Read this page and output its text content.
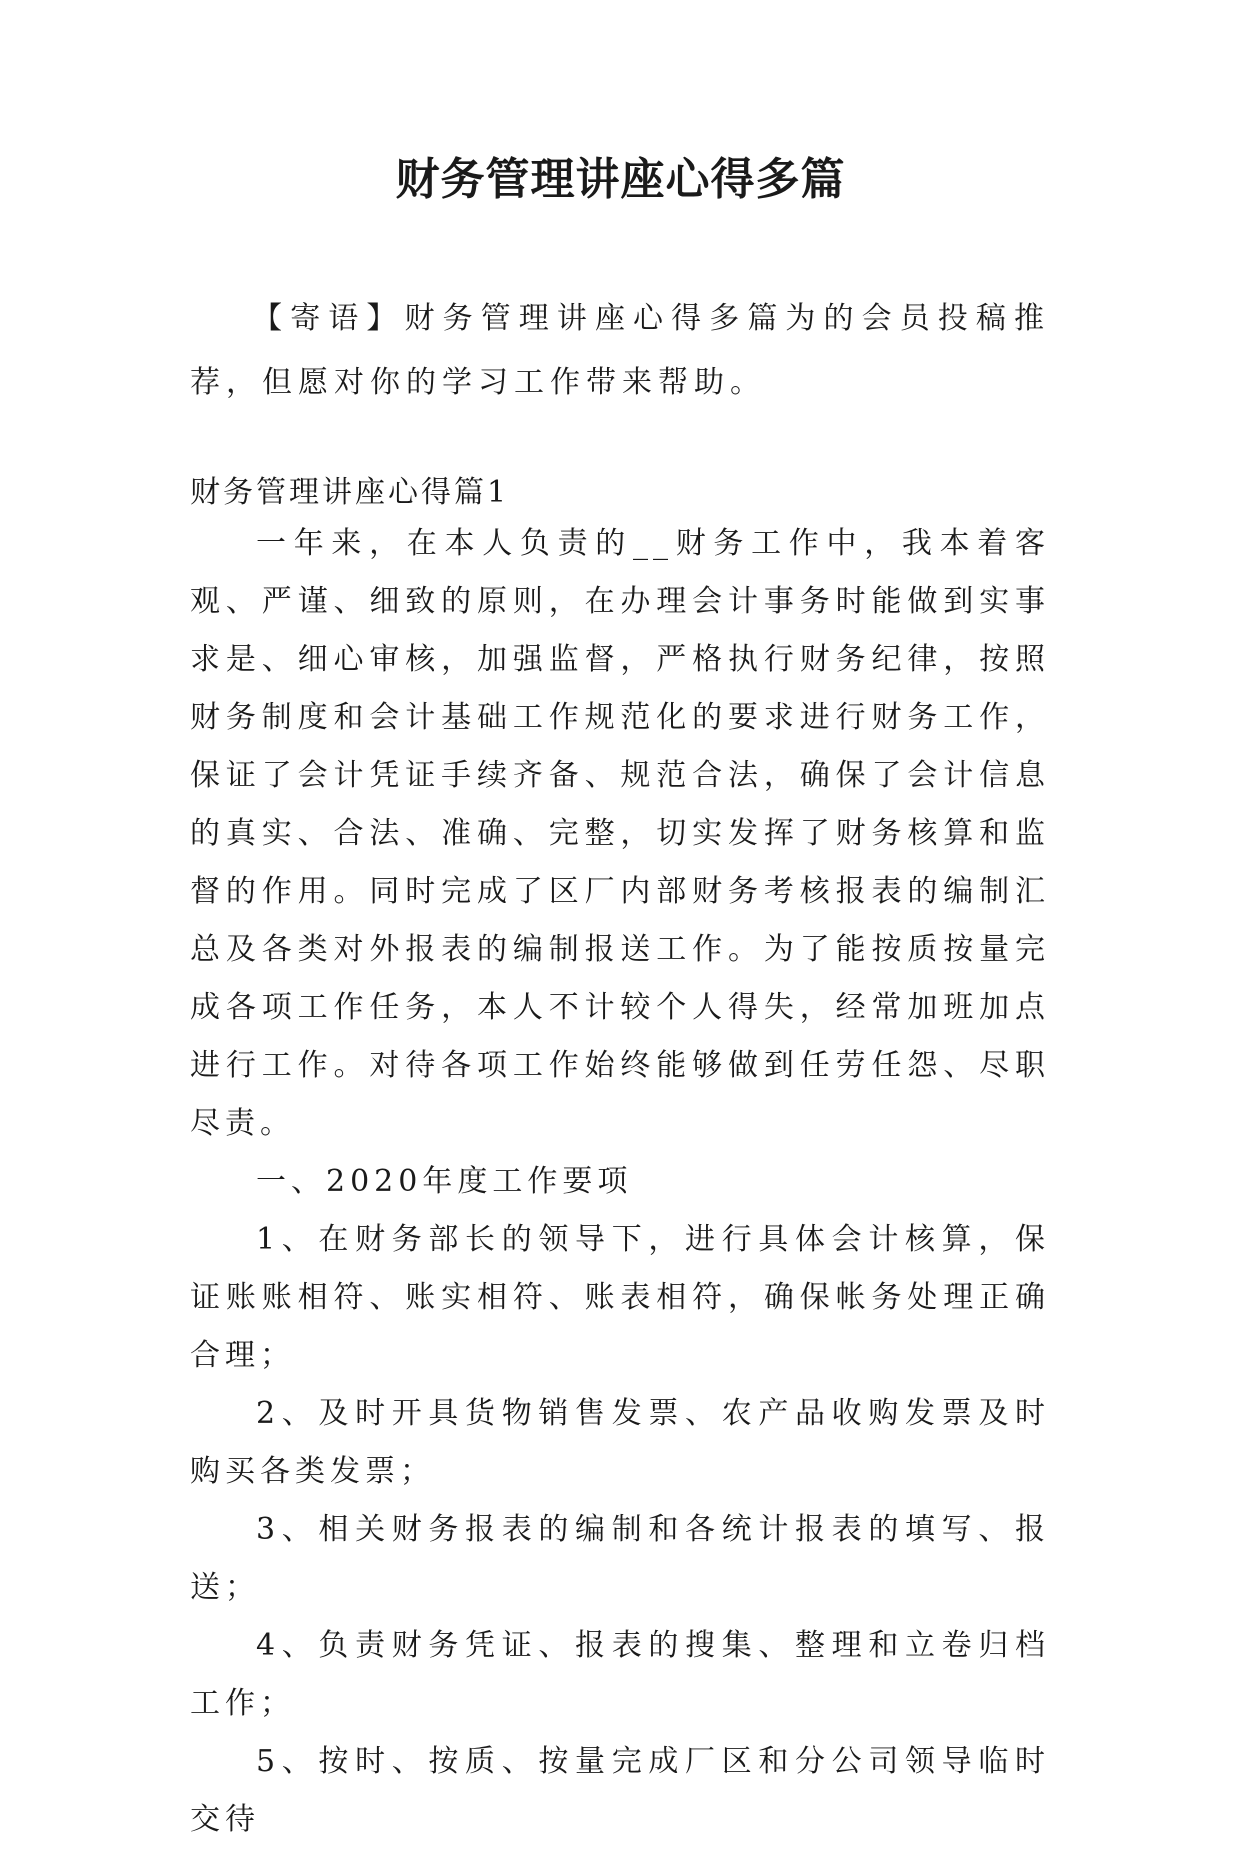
财务管理讲座心得多篇
【寄语】财务管理讲座心得多篇为的会员投稿推荐，但愿对你的学习工作带来帮助。
财务管理讲座心得篇1

一年来，在本人负责的__财务工作中，我本着客观、严谨、细致的原则，在办理会计事务时能做到实事求是、细心审核，加强监督，严格执行财务纪律，按照财务制度和会计基础工作规范化的要求进行财务工作，保证了会计凭证手续齐备、规范合法，确保了会计信息的真实、合法、准确、完整，切实发挥了财务核算和监督的作用。同时完成了区厂内部财务考核报表的编制汇总及各类对外报表的编制报送工作。为了能按质按量完成各项工作任务，本人不计较个人得失，经常加班加点进行工作。对待各项工作始终能够做到任劳任怨、尽职尽责。

一、2020年度工作要项

1、在财务部长的领导下，进行具体会计核算，保证账账相符、账实相符、账表相符，确保帐务处理正确合理；

2、及时开具货物销售发票、农产品收购发票及时购买各类发票；

3、相关财务报表的编制和各统计报表的填写、报送；

4、负责财务凭证、报表的搜集、整理和立卷归档工作；

5、按时、按质、按量完成厂区和分公司领导临时交待
